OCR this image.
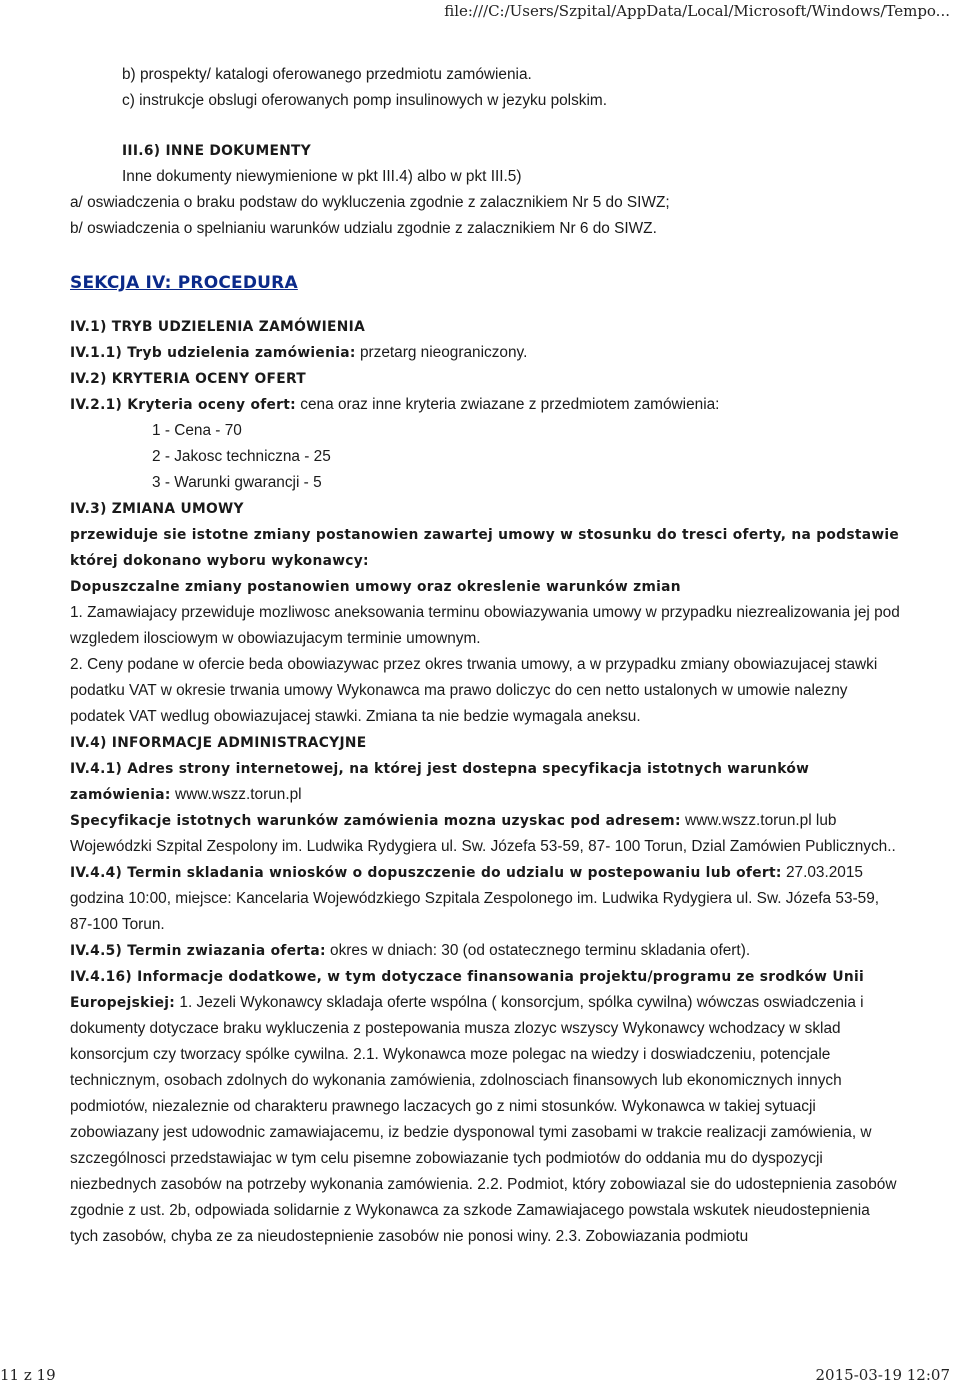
file:///C:/Users/Szpital/AppData/Local/Microsoft/Windows/Tempo...

b) prospekty/ katalogi oferowanego przedmiotu zamówienia.

c) instrukcje obslugi oferowanych pomp insulinowych w jezyku polskim.

III.6) INNE DOKUMENTY

Inne dokumenty niewymienione w pkt III.4) albo w pkt III.5)

a/ oswiadczenia o braku podstaw do wykluczenia zgodnie z zalacznikiem Nr 5 do SIWZ;

b/ oswiadczenia o spelnianiu warunków udzialu zgodnie z zalacznikiem Nr 6 do SIWZ.

SEKCJA IV: PROCEDURA

IV.1) TRYB UDZIELENIA ZAMÓWIENIA

IV.1.1) Tryb udzielenia zamówienia: przetarg nieograniczony.

IV.2) KRYTERIA OCENY OFERT

IV.2.1) Kryteria oceny ofert: cena oraz inne kryteria zwiazane z przedmiotem zamówienia:

1 - Cena - 70

2 - Jakosc techniczna - 25

3 - Warunki gwarancji - 5

IV.3) ZMIANA UMOWY

przewiduje sie istotne zmiany postanowien zawartej umowy w stosunku do tresci oferty, na podstawie której dokonano wyboru wykonawcy:

Dopuszczalne zmiany postanowien umowy oraz okreslenie warunków zmian

1. Zamawiajacy przewiduje mozliwosc aneksowania terminu obowiazywania umowy w przypadku niezrealizowania jej pod wzgledem ilosciowym w obowiazujacym terminie umownym.

2. Ceny podane w ofercie beda obowiazywac przez okres trwania umowy, a w przypadku zmiany obowiazujacej stawki podatku VAT w okresie trwania umowy Wykonawca ma prawo doliczyc do cen netto ustalonych w umowie nalezny podatek VAT wedlug obowiazujacej stawki. Zmiana ta nie bedzie wymagala aneksu.

IV.4) INFORMACJE ADMINISTRACYJNE

IV.4.1) Adres strony internetowej, na której jest dostepna specyfikacja istotnych warunków zamówienia: www.wszz.torun.pl

Specyfikacje istotnych warunków zamówienia mozna uzyskac pod adresem: www.wszz.torun.pl lub Wojewódzki Szpital Zespolony im. Ludwika Rydygiera ul. Sw. Józefa 53-59, 87- 100 Torun, Dzial Zamówien Publicznych..

IV.4.4) Termin skladania wniosków o dopuszczenie do udzialu w postepowaniu lub ofert: 27.03.2015 godzina 10:00, miejsce: Kancelaria Wojewódzkiego Szpitala Zespolonego im. Ludwika Rydygiera ul. Sw. Józefa 53-59, 87-100 Torun.

IV.4.5) Termin zwiazania oferta: okres w dniach: 30 (od ostatecznego terminu skladania ofert).

IV.4.16) Informacje dodatkowe, w tym dotyczace finansowania projektu/programu ze srodków Unii Europejskiej: 1. Jezeli Wykonawcy skladaja oferte wspólna ( konsorcjum, spólka cywilna) wówczas oswiadczenia i dokumenty dotyczace braku wykluczenia z postepowania musza zlozyc wszyscy Wykonawcy wchodzacy w sklad konsorcjum czy tworzacy spólke cywilna. 2.1. Wykonawca moze polegac na wiedzy i doswiadczeniu, potencjale technicznym, osobach zdolnych do wykonania zamówienia, zdolnosciach finansowych lub ekonomicznych innych podmiotów, niezaleznie od charakteru prawnego laczacych go z nimi stosunków. Wykonawca w takiej sytuacji zobowiazany jest udowodnic zamawiajacemu, iz bedzie dysponowal tymi zasobami w trakcie realizacji zamówienia, w szczególnosci przedstawiajac w tym celu pisemne zobowiazanie tych podmiotów do oddania mu do dyspozycji niezbednych zasobów na potrzeby wykonania zamówienia. 2.2. Podmiot, który zobowiazal sie do udostepnienia zasobów zgodnie z ust. 2b, odpowiada solidarnie z Wykonawca za szkode Zamawiajacego powstala wskutek nieudostepnienia tych zasobów, chyba ze za nieudostepnienie zasobów nie ponosi winy. 2.3. Zobowiazania podmiotu

11 z 19	2015-03-19 12:07
